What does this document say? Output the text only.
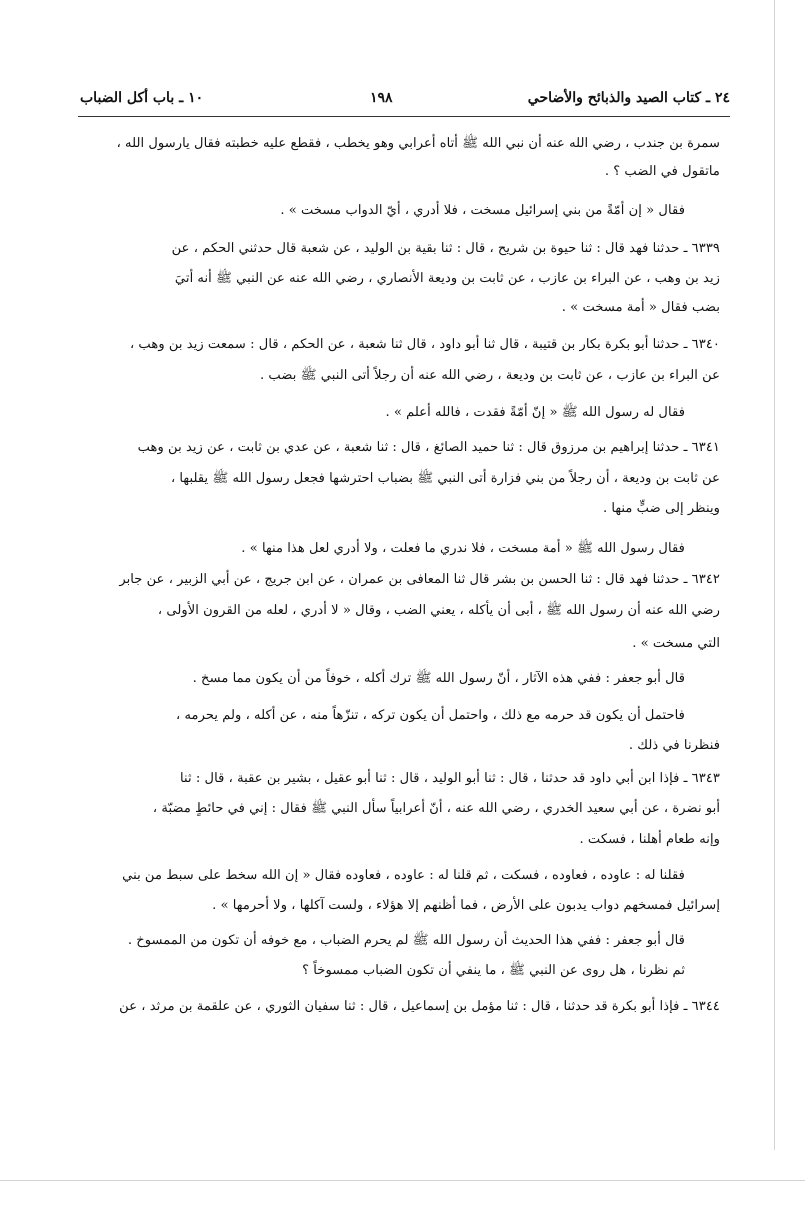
٢٤ ـ كتاب الصيد والذبائح والأضاحي
١٩٨
١٠ ـ باب أكل الضباب
سمرة بن جندب ، رضي الله عنه أن نبي الله ﷺ أتاه أعرابي وهو يخطب ، فقطع عليه خطبته فقال يارسول الله ،
ماتقول في الضب ؟ .
فقال « إن أمّةً من بني إسرائيل مسخت ، فلا أدري ، أيّ الدواب مسخت » .
٦٣٣٩ ـ حدثنا فهد قال : ثنا حيوة بن شريح ، قال : ثنا بقية بن الوليد ، عن شعبة قال حدثني الحكم ، عن
زيد بن وهب ، عن البراء بن عازب ، عن ثابت بن وديعة الأنصاري ، رضي الله عنه عن النبي ﷺ أنه أتيَ
بضب فقال « أمة مسخت » .
٦٣٤٠ ـ حدثنا أبو بكرة بكار بن قتيبة ، قال ثنا أبو داود ، قال ثنا شعبة ، عن الحكم ، قال : سمعت زيد بن وهب ،
عن البراء بن عازب ، عن ثابت بن وديعة ، رضي الله عنه أن رجلاً أتى النبي ﷺ بضب .
فقال له رسول الله ﷺ « إنّ أمّةً فقدت ، فالله أعلم » .
٦٣٤١ ـ حدثنا إبراهيم بن مرزوق قال : ثنا حميد الصائغ ، قال : ثنا شعبة ، عن عدي بن ثابت ، عن زيد بن وهب
عن ثابت بن وديعة ، أن رجلاً من بني فزارة أتى النبي ﷺ بضباب احترشها فجعل رسول الله ﷺ يقلبها ،
وينظر إلى ضبٍّ منها .
فقال رسول الله ﷺ « أمة مسخت ، فلا ندري ما فعلت ، ولا أدري لعل هذا منها » .
٦٣٤٢ ـ حدثنا فهد قال : ثنا الحسن بن بشر قال ثنا المعافى بن عمران ، عن ابن جريج ، عن أبي الزبير ، عن جابر
رضي الله عنه أن رسول الله ﷺ ، أبى أن يأكله ، يعني الضب ، وقال « لا أدري ، لعله من القرون الأولى ،
التي مسخت » .
قال أبو جعفر : ففي هذه الآثار ، أنّ رسول الله ﷺ ترك أكله ، خوفاً من أن يكون مما مسخ .
فاحتمل أن يكون قد حرمه مع ذلك ، واحتمل أن يكون تركه ، تنزّهاً منه ، عن أكله ، ولم يحرمه ،
فنظرنا في ذلك .
٦٣٤٣ ـ فإذا ابن أبي داود قد حدثنا ، قال : ثنا أبو الوليد ، قال : ثنا أبو عقيل ، بشير بن عقبة ، قال : ثنا
أبو نضرة ، عن أبي سعيد الخدري ، رضي الله عنه ، أنّ أعرابياً سأل النبي ﷺ فقال : إني في حائطٍ مضبّة ،
وإنه طعام أهلنا ، فسكت .
فقلنا له : عاوده ، فعاوده ، فسكت ، ثم قلنا له : عاوده ، فعاوده فقال « إن الله سخط على سبط من بني
إسرائيل فمسخهم دواب يدبون على الأرض ، فما أظنهم إلا هؤلاء ، ولست آكلها ، ولا أحرمها » .
قال أبو جعفر : ففي هذا الحديث أن رسول الله ﷺ لم يحرم الضباب ، مع خوفه أن تكون من الممسوخ .
ثم نظرنا ، هل روى عن النبي ﷺ ، ما ينفي أن تكون الضباب ممسوخاً ؟
٦٣٤٤ ـ فإذا أبو بكرة قد حدثنا ، قال : ثنا مؤمل بن إسماعيل ، قال : ثنا سفيان الثوري ، عن علقمة بن مرثد ، عن
